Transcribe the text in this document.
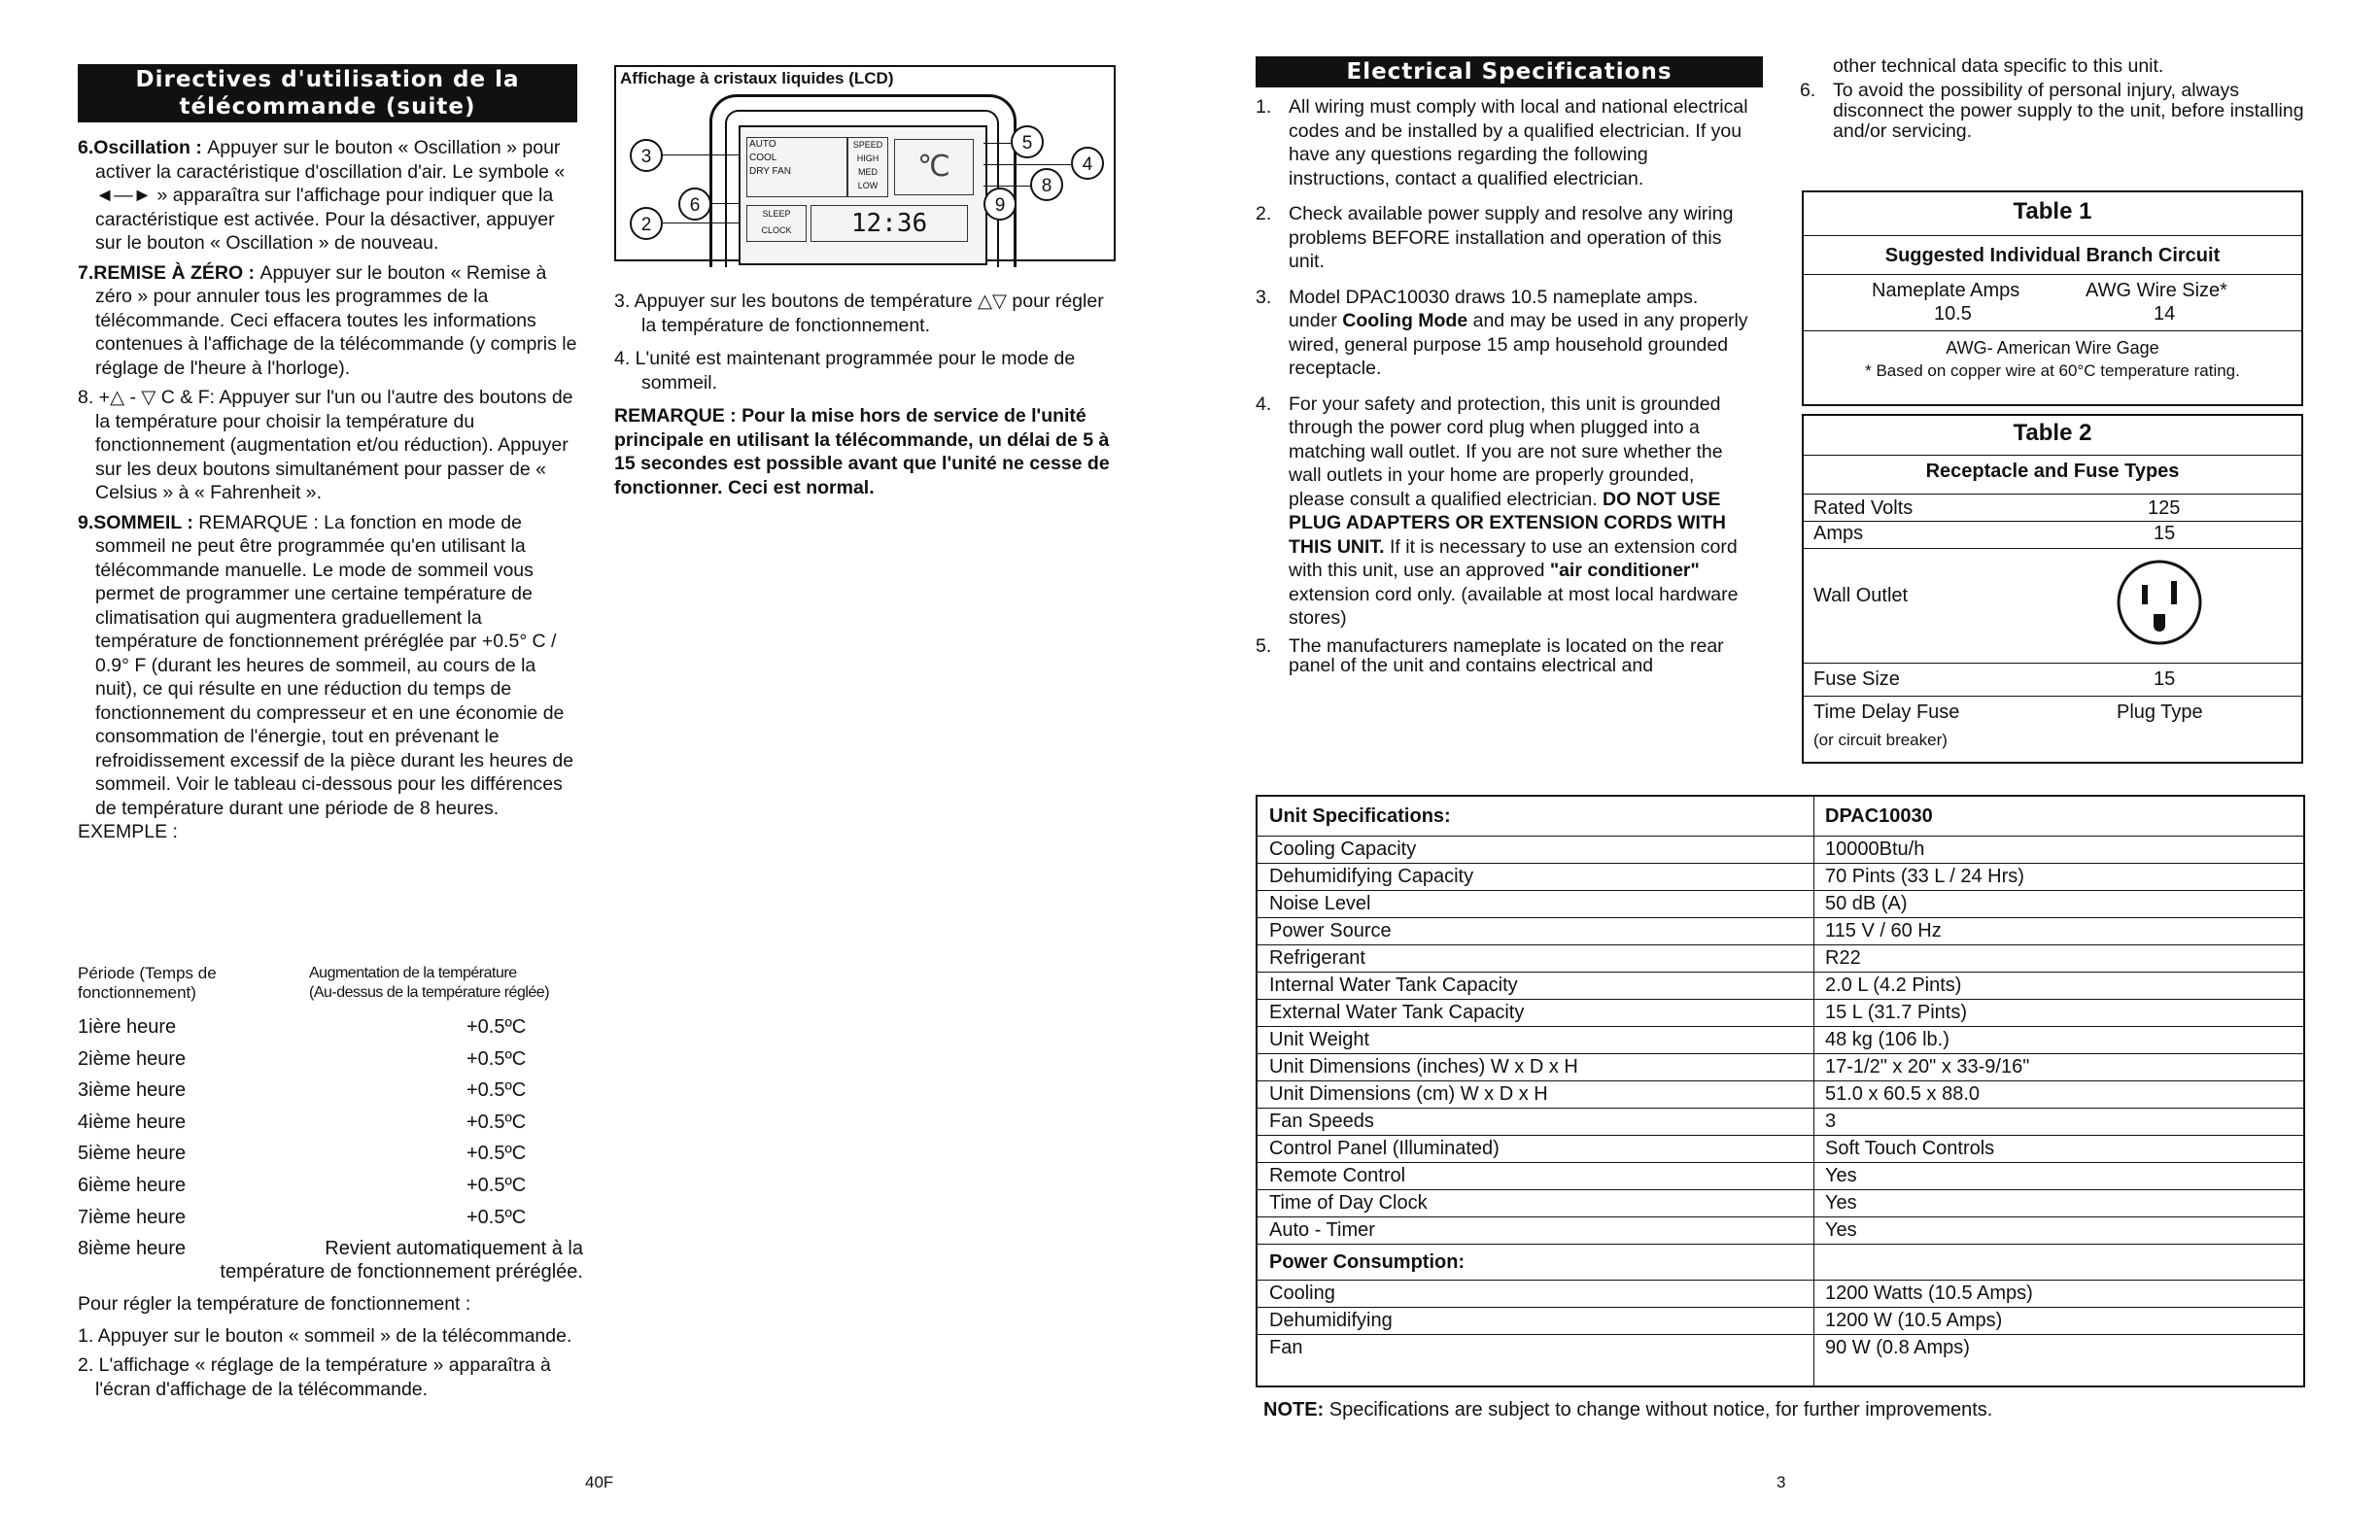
Directives d'utilisation de la télécommande (suite)

6.Oscillation : Appuyer sur le bouton « Oscillation » pour activer la caractéristique d'oscillation d'air. Le symbole « ◄—► » apparaîtra sur l'affichage pour indiquer que la caractéristique est activée. Pour la désactiver, appuyer sur le bouton « Oscillation » de nouveau.

7.REMISE À ZÉRO : Appuyer sur le bouton « Remise à zéro » pour annuler tous les programmes de la télécommande. Ceci effacera toutes les informations contenues à l'affichage de la télécommande (y compris le réglage de l'heure à l'horloge).

8. +△ - ▽ C & F: Appuyer sur l'un ou l'autre des boutons de la température pour choisir la température du fonctionnement (augmentation et/ou réduction). Appuyer sur les deux boutons simultanément pour passer de « Celsius » à « Fahrenheit ».

9.SOMMEIL : REMARQUE : La fonction en mode de sommeil ne peut être programmée qu'en utilisant la télécommande manuelle. Le mode de sommeil vous permet de programmer une certaine température de climatisation qui augmentera graduellement la température de fonctionnement préréglée par +0.5° C / 0.9° F (durant les heures de sommeil, au cours de la nuit), ce qui résulte en une réduction du temps de fonctionnement du compresseur et en une économie de consommation de l'énergie, tout en prévenant le refroidissement excessif de la pièce durant les heures de sommeil. Voir le tableau ci-dessous pour les différences de température durant une période de 8 heures.

EXEMPLE :

Période (Temps de
fonctionnement)
Augmentation de la température
(Au-dessus de la température réglée)
1ière heure	+0.5ºC
2ième heure	+0.5ºC
3ième heure	+0.5ºC
4ième heure	+0.5ºC
5ième heure	+0.5ºC
6ième heure	+0.5ºC
7ième heure	+0.5ºC
8ième heure	Revient automatiquement à la
température de fonctionnement préréglée.

Pour régler la température de fonctionnement :

1. Appuyer sur le bouton « sommeil » de la télécommande.

2. L'affichage « réglage de la température » apparaîtra à l'écran d'affichage de la télécommande.

40F
Affichage à cristaux liquides (LCD)
AUTO
COOL
DRY FAN
SPEED
HIGH
MED
LOW
℃
SLEEP
CLOCK	12:36
3
2
6
5
4
8
9

3. Appuyer sur les boutons de température △▽ pour régler la température de fonctionnement.

4. L'unité est maintenant programmée pour le mode de sommeil.

REMARQUE : Pour la mise hors de service de l'unité principale en utilisant la télécommande, un délai de 5 à 15 secondes est possible avant que l'unité ne cesse de fonctionner. Ceci est normal.

Electrical Specifications
1. All wiring must comply with local and national electrical codes and be installed by a qualified electrician. If you have any questions regarding the following instructions, contact a qualified electrician.
2. Check available power supply and resolve any wiring problems BEFORE installation and operation of this unit.
3. Model DPAC10030 draws 10.5 nameplate amps. under Cooling Mode and may be used in any properly wired, general purpose 15 amp household grounded receptacle.
4. For your safety and protection, this unit is grounded through the power cord plug when plugged into a matching wall outlet. If you are not sure whether the wall outlets in your home are properly grounded, please consult a qualified electrician. DO NOT USE PLUG ADAPTERS OR EXTENSION CORDS WITH THIS UNIT. If it is necessary to use an extension cord with this unit, use an approved "air conditioner" extension cord only. (available at most local hardware stores)
5. The manufacturers nameplate is located on the rear panel of the unit and contains electrical and

other technical data specific to this unit.

6. To avoid the possibility of personal injury, always disconnect the power supply to the unit, before installing and/or servicing.
Table 1
Suggested Individual Branch Circuit
Nameplate Amps	AWG Wire Size*
10.5	14
AWG- American Wire Gage
* Based on copper wire at 60°C temperature rating.
Table 2
Receptacle and Fuse Types
Rated Volts	125
Amps	15
Wall Outlet
Fuse Size	15
Time Delay Fuse	Plug Type
(or circuit breaker)
Unit Specifications:	DPAC10030
Cooling Capacity	10000Btu/h
Dehumidifying Capacity	70 Pints (33 L / 24 Hrs)
Noise Level	50 dB (A)
Power Source	115 V / 60 Hz
Refrigerant	R22
Internal Water Tank Capacity	2.0 L (4.2 Pints)
External Water Tank Capacity	15 L (31.7 Pints)
Unit Weight	48 kg (106 lb.)
Unit Dimensions (inches) W x D x H	17-1/2" x 20" x 33-9/16"
Unit Dimensions (cm) W x D x H	51.0 x 60.5 x 88.0
Fan Speeds	3
Control Panel (Illuminated)	Soft Touch Controls
Remote Control	Yes
Time of Day Clock	Yes
Auto - Timer	Yes
Power Consumption:	
Cooling	1200 Watts (10.5 Amps)
Dehumidifying	1200 W (10.5 Amps)
Fan	90 W (0.8 Amps)
NOTE: Specifications are subject to change without notice, for further improvements.
3
